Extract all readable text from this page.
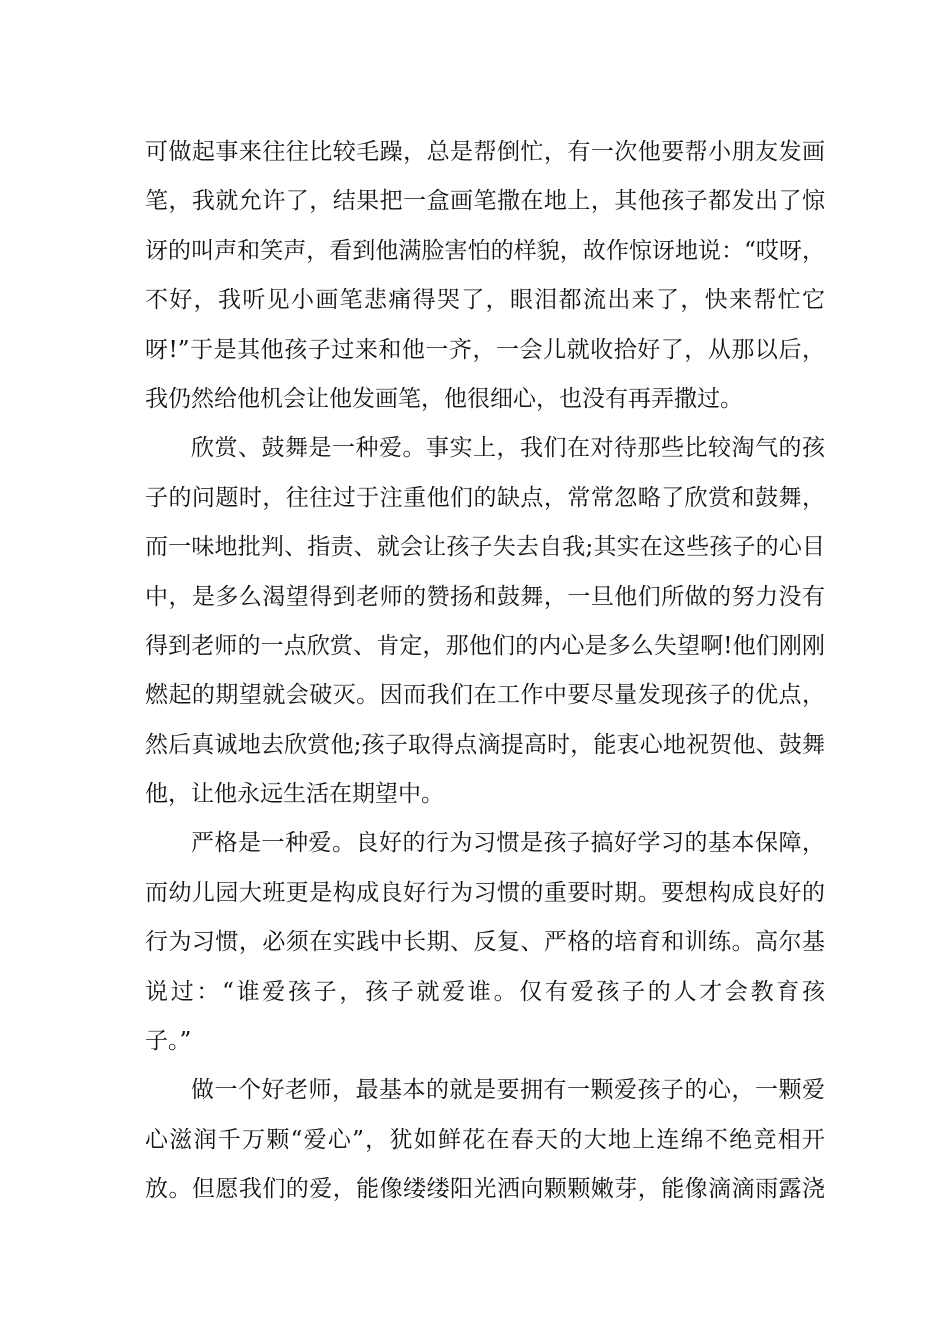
可做起事来往往比较毛躁，总是帮倒忙，有一次他要帮小朋友发画
笔，我就允许了，结果把一盒画笔撒在地上，其他孩子都发出了惊
讶的叫声和笑声，看到他满脸害怕的样貌，故作惊讶地说：“哎呀，
不好，我听见小画笔悲痛得哭了，眼泪都流出来了，快来帮忙它
呀!”于是其他孩子过来和他一齐，一会儿就收拾好了，从那以后，
我仍然给他机会让他发画笔，他很细心，也没有再弄撒过。
欣赏、鼓舞是一种爱。事实上，我们在对待那些比较淘气的孩
子的问题时，往往过于注重他们的缺点，常常忽略了欣赏和鼓舞，
而一味地批判、指责、就会让孩子失去自我;其实在这些孩子的心目
中，是多么渴望得到老师的赞扬和鼓舞，一旦他们所做的努力没有
得到老师的一点欣赏、肯定，那他们的内心是多么失望啊!他们刚刚
燃起的期望就会破灭。因而我们在工作中要尽量发现孩子的优点，
然后真诚地去欣赏他;孩子取得点滴提高时，能衷心地祝贺他、鼓舞
他，让他永远生活在期望中。
严格是一种爱。良好的行为习惯是孩子搞好学习的基本保障，
而幼儿园大班更是构成良好行为习惯的重要时期。要想构成良好的
行为习惯，必须在实践中长期、反复、严格的培育和训练。高尔基
说过：“谁爱孩子，孩子就爱谁。仅有爱孩子的人才会教育孩
子。”
做一个好老师，最基本的就是要拥有一颗爱孩子的心，一颗爱
心滋润千万颗“爱心”，犹如鲜花在春天的大地上连绵不绝竞相开
放。但愿我们的爱，能像缕缕阳光洒向颗颗嫩芽，能像滴滴雨露浇
